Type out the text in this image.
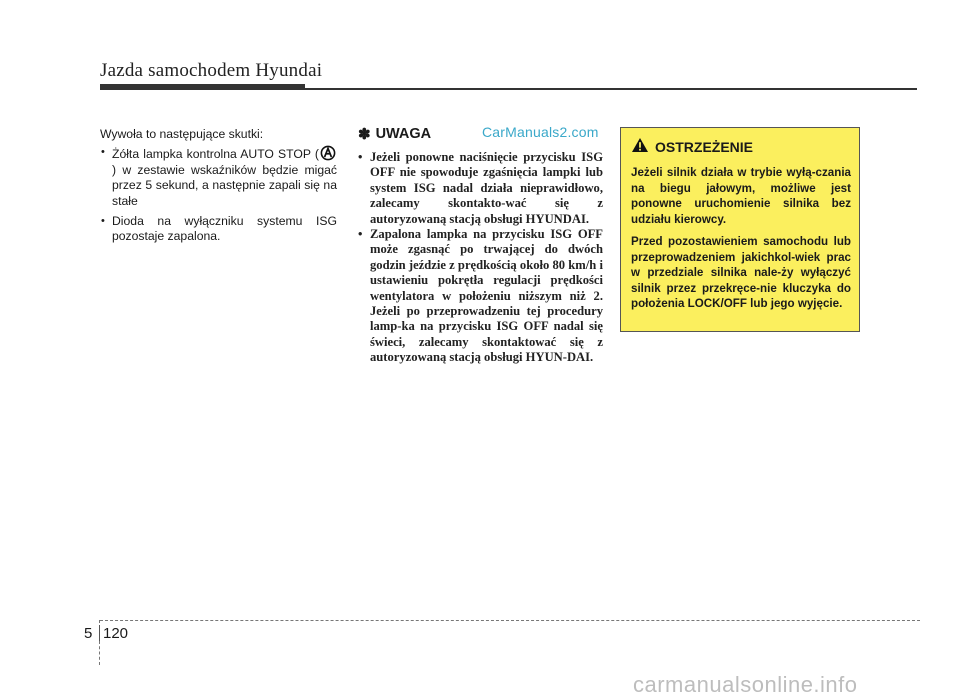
Jazda samochodem Hyundai

Wywoła to następujące skutki:

• Żółta lampka kontrolna AUTO STOP (
) w zestawie wskaźników będzie migać przez 5 sekund, a następnie zapali się na stałe
• Dioda na wyłączniku systemu ISG pozostaje zapalona.
✽ UWAGA
• Jeżeli ponowne naciśnięcie przycisku ISG OFF nie spowoduje zgaśnięcia lampki lub system ISG nadal działa nieprawidłowo, zalecamy skontakto-wać się z autoryzowaną stacją obsługi HYUNDAI.
• Zapalona lampka na przycisku ISG OFF może zgasnąć po trwającej do dwóch godzin jeździe z prędkością około 80 km/h i ustawieniu pokrętła regulacji prędkości wentylatora w położeniu niższym niż 2. Jeżeli po przeprowadzeniu tej procedury lamp-ka na przycisku ISG OFF nadal się świeci, zalecamy skontaktować się z autoryzowaną stacją obsługi HYUN-DAI.
CarManuals2.com
OSTRZEŻENIE

Jeżeli silnik działa w trybie wyłą-czania na biegu jałowym, możliwe jest ponowne uruchomienie silnika bez udziału kierowcy.

Przed pozostawieniem samochodu lub przeprowadzeniem jakichkol-wiek prac w przedziale silnika nale-ży wyłączyć silnik przez przekręce-nie kluczyka do położenia LOCK/OFF lub jego wyjęcie.

5 120
carmanualsonline.info
